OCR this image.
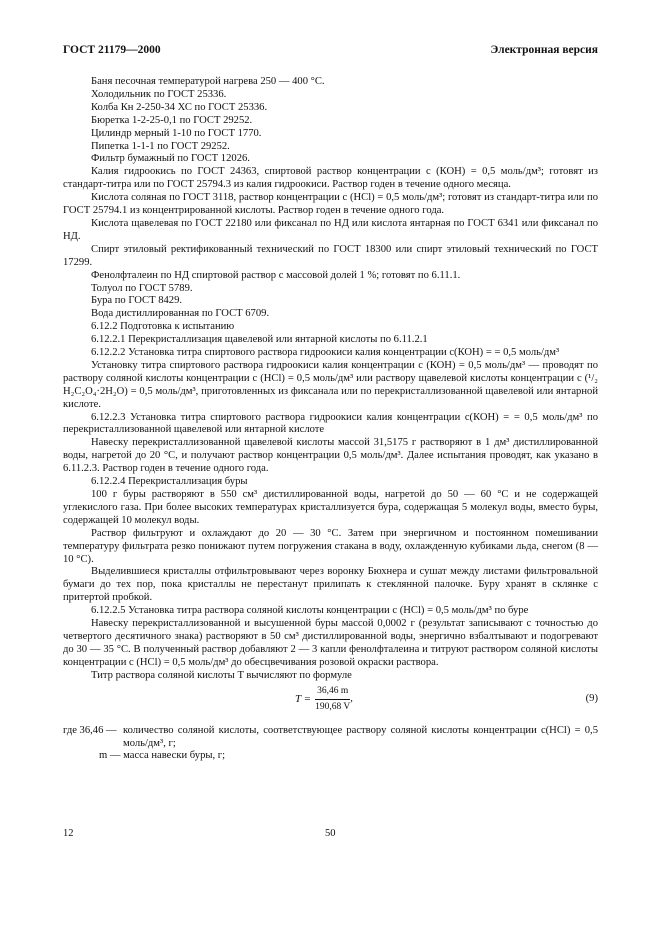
ГОСТ 21179—2000	Электронная версия

Баня песочная температурой нагрева 250 — 400 °С.

Холодильник по ГОСТ 25336.

Колба Кн 2-250-34 ХС по ГОСТ 25336.

Бюретка 1-2-25-0,1 по ГОСТ 29252.

Цилиндр мерный 1-10 по ГОСТ 1770.

Пипетка 1-1-1 по ГОСТ 29252.

Фильтр бумажный по ГОСТ 12026.

Калия гидроокись по ГОСТ 24363, спиртовой раствор концентрации c (КОН) = 0,5 моль/дм³; готовят из стандарт-титра или по ГОСТ 25794.3 из калия гидроокиси. Раствор годен в течение одного месяца.

Кислота соляная по ГОСТ 3118, раствор концентрации c (HCl) = 0,5 моль/дм³; готовят из стандарт-титра или по ГОСТ 25794.1 из концентрированной кислоты. Раствор годен в течение одного года.

Кислота щавелевая по ГОСТ 22180 или фиксанал по НД или кислота янтарная по ГОСТ 6341 или фиксанал по НД.

Спирт этиловый ректификованный технический по ГОСТ 18300 или спирт этиловый технический по ГОСТ 17299.

Фенолфталеин по НД спиртовой раствор с массовой долей 1 %; готовят по 6.11.1.

Толуол по ГОСТ 5789.

Бура по ГОСТ 8429.

Вода дистиллированная по ГОСТ 6709.

6.12.2 Подготовка к испытанию

6.12.2.1 Перекристаллизация щавелевой или янтарной кислоты по 6.11.2.1

6.12.2.2 Установка титра спиртового раствора гидроокиси калия концентрации c(КОН) = = 0,5 моль/дм³

Установку титра спиртового раствора гидроокиси калия концентрации c (КОН) = 0,5 моль/дм³ — проводят по раствору соляной кислоты концентрации c (HCl) = 0,5 моль/дм³ или раствору щавелевой кислоты концентрации c (¹/₂ H₂C₂O₄·2H₂O) = 0,5 моль/дм³, приготовленных из фиксанала или по перекристаллизованной щавелевой или янтарной кислоте.

6.12.2.3 Установка титра спиртового раствора гидроокиси калия концентрации c(КОН) = = 0,5 моль/дм³ по перекристаллизованной щавелевой или янтарной кислоте

Навеску перекристаллизованной щавелевой кислоты массой 31,5175 г растворяют в 1 дм³ дистиллированной воды, нагретой до 20 °С, и получают раствор концентрации 0,5 моль/дм³. Далее испытания проводят, как указано в 6.11.2.3. Раствор годен в течение одного года.

6.12.2.4 Перекристаллизация буры

100 г буры растворяют в 550 см³ дистиллированной воды, нагретой до 50 — 60 °С и не содержащей углекислого газа. При более высоких температурах кристаллизуется бура, содержащая 5 молекул воды, вместо буры, содержащей 10 молекул воды.

Раствор фильтруют и охлаждают до 20 — 30 °С. Затем при энергичном и постоянном помешивании температуру фильтрата резко понижают путем погружения стакана в воду, охлажденную кубиками льда, снегом (8 — 10 °С).

Выделившиеся кристаллы отфильтровывают через воронку Бюхнера и сушат между листами фильтровальной бумаги до тех пор, пока кристаллы не перестанут прилипать к стеклянной палочке. Буру хранят в склянке с притертой пробкой.

6.12.2.5 Установка титра раствора соляной кислоты концентрации c (HCl) = 0,5 моль/дм³ по буре

Навеску перекристаллизованной и высушенной буры массой 0,0002 г (результат записывают с точностью до четвертого десятичного знака) растворяют в 50 см³ дистиллированной воды, энергично взбалтывают и подогревают до 30 — 35 °С. В полученный раствор добавляют 2 — 3 капли фенолфталеина и титруют раствором соляной кислоты концентрации c (HCl) = 0,5 моль/дм³ до обесцвечивания розовой окраски раствора.

Титр раствора соляной кислоты T вычисляют по формуле

$T = \frac{36,46 m}{190,68 V}$ ,	(9)
где 36,46 — количество соляной кислоты, соответствующее раствору соляной кислоты концентрации c(HCl) = 0,5 моль/дм³, г;

m — масса навески буры, г;

12	50
